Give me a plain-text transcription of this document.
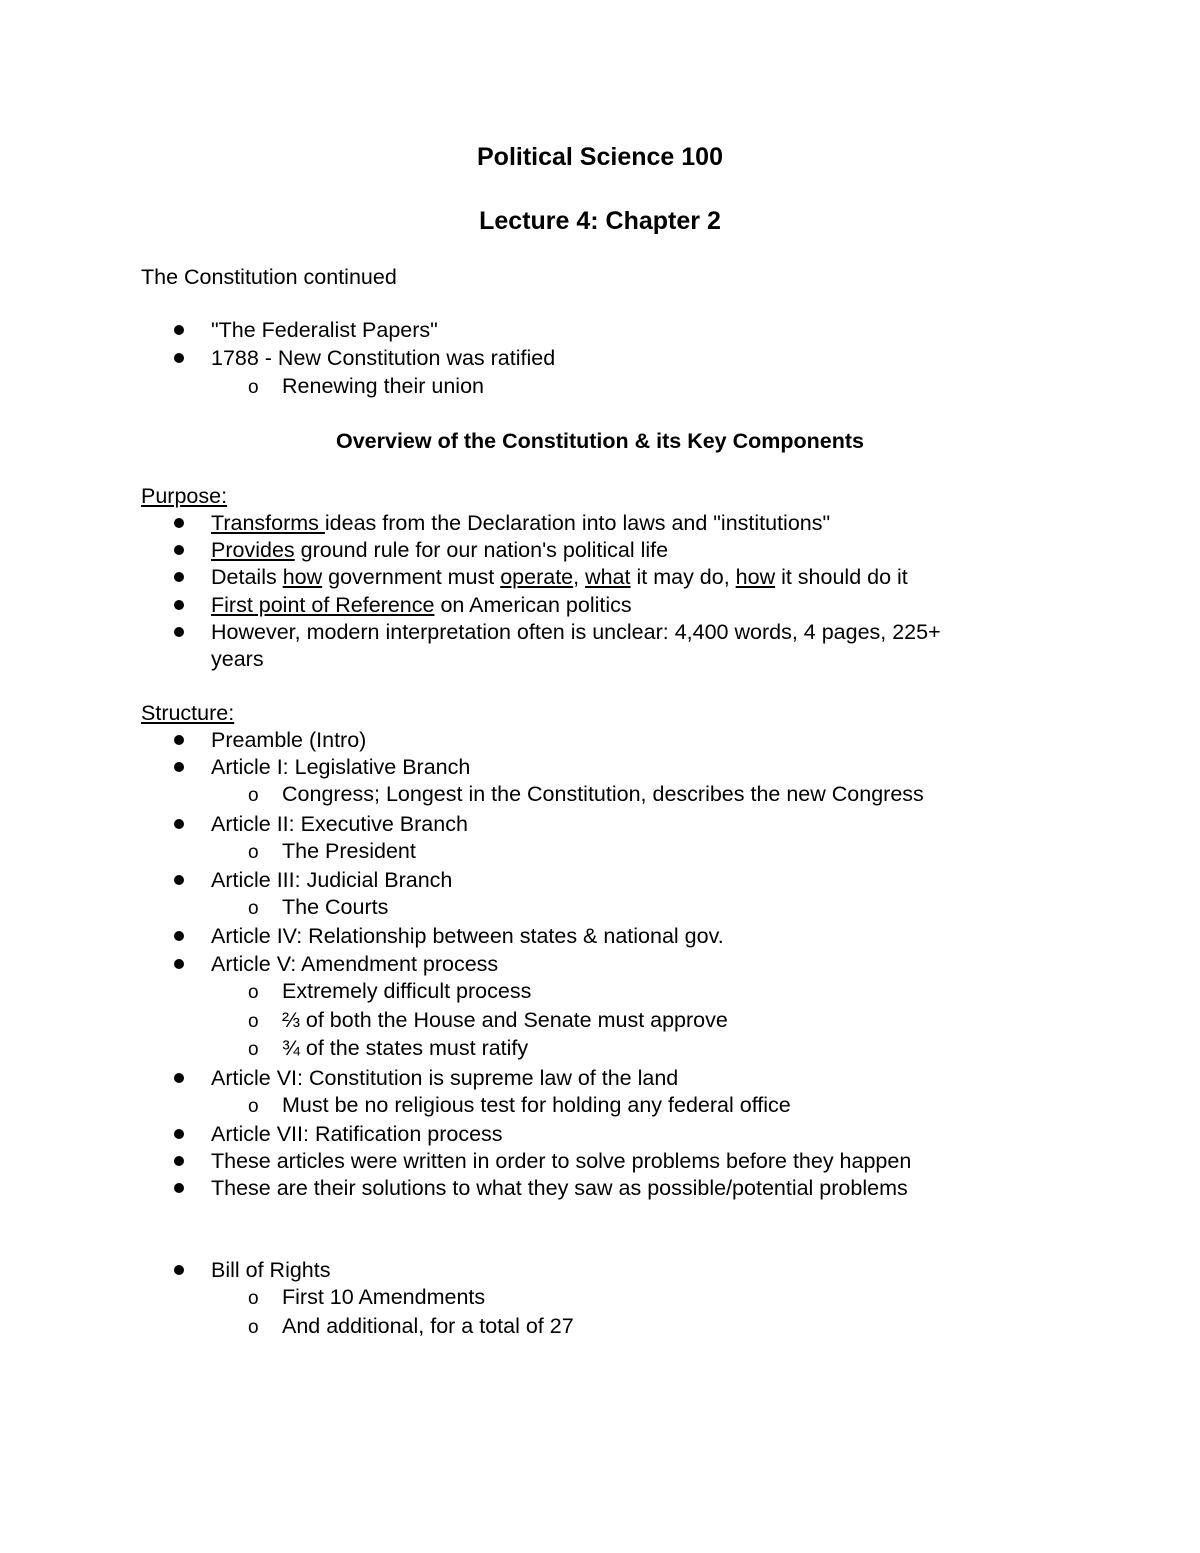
Political Science 100
Lecture 4: Chapter 2
The Constitution continued
"The Federalist Papers"
1788 - New Constitution was ratified
o Renewing their union
Overview of the Constitution & its Key Components
Purpose:
Transforms ideas from the Declaration into laws and "institutions"
Provides ground rule for our nation's political life
Details how government must operate, what it may do, how it should do it
First point of Reference on American politics
However, modern interpretation often is unclear: 4,400 words, 4 pages, 225+
years
Structure:
Preamble (Intro)
Article I: Legislative Branch
o Congress; Longest in the Constitution, describes the new Congress
Article II: Executive Branch
o The President
Article III: Judicial Branch
o The Courts
Article IV: Relationship between states & national gov.
Article V: Amendment process
o Extremely difficult process
o ⅔ of both the House and Senate must approve
o ¾ of the states must ratify
Article VI: Constitution is supreme law of the land
o Must be no religious test for holding any federal office
Article VII: Ratification process
These articles were written in order to solve problems before they happen
These are their solutions to what they saw as possible/potential problems
Bill of Rights
o First 10 Amendments
o And additional, for a total of 27
